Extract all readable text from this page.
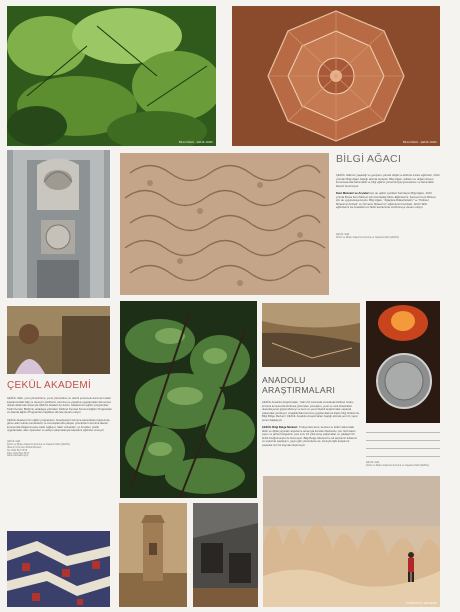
BİLGİ AĞACI · ÇEKÜL VAKFI	BİLGİ AĞACI · ÇEKÜL VAKFI
BİLGİ AĞACI

ÇEKÜL Vakfının yaşadığı ve gençlere yönelik doğal ve kültürel mirası eğitimleri, 2012 yılından Bilgi Ağacı başlığı altında toplandı. Bilgi Ağacı, kültürel ve doğal mirasın korunmasında farkındalık ve bilgi eğitimi yöntemleriyle güncelleme ve farkındalık ilkesini benimsiyor.

Kent Müzeleri ve Arşivleri için de eğitim içerikleri hazırlayan Bilgi Ağacı, 2010 yılında Bursa Kent Müzesi için hazırladığı Müze Eğitimlerini, Samsun Kent Müzesi için de uygulamaya koydu. Bilgi Ağacı, "Ağaçlara Dikkat Edelim" ve "Kültürel Mirasımız Ardışık" ve Ormanın Mirasımız" eğitimlerini hazırladı. Sözlü Tarih eğitimlerini ise Anadolu'nun farklı kentlerinde sürdürmeye devam ediyor.

ÇEKÜL Vakfı
Kültür ve Mirası Araştırma Koruma ve Yaşatma Vakfı (ÇEKÜL)

ÇEKÜL AKADEMİ

ÇEKÜL Vakfı, yerel yönetimlere, yerel yöneticilere ve teknik personele koruma modeli kapsamındaki bilgi ve deneyim birikimini, koruma ve yaşatma uygulamalarında somut olarak aktarmak amacıyla ÇEKÜL Akademi'yi kurdu. Akademinin eğitim programları; Tarihi Kentler Birliği ile ortaklaşa yürütülen Kültürel Kentsel Koruma Eğitim Programları ve Alanda Eğitim Programları başlıkları altında devam ediyor.

ÇEKÜL Akademi'nin eğitim programları, belediyelerin koruma alanındaki projelerinde görev alan teknik elemanların ve kuruluşlarında çalışan yöneticilerin koruma ilkeleri konusunda bilgilenmesine katkı sağlıyor. Vakıf uzmanları, iyi örnekler, pratik uygulamalar, alan ziyaretleri ve atölye çalışmalarıyla kapsamlı eğitimler sunuyor.

ÇEKÜL Vakfı
Kültür ve Mirası Araştırma Koruma ve Yaşatma Vakfı (ÇEKÜL)
Ülkenin Türk Ana Sözlük Müzeleri
Tel: 0212 513 73 53
Faks: 0212 512 35 67
www.cekulvakfi.org.tr

ANADOLU ARAŞTIRMALARI

ÇEKÜL Anadolu Araştırmaları, Yakın bir zamanda sunulacak kültürel mirası koruma konusunda birikmek yüzünden yönetişim; yerel ve sivil dinamikleri destekleyerek güçlendirmeyi ve kent ve yerel ölçekli araştırmalar yaparak çalışmalar yürütüyor. Anadolu'daki koruma uygulamalarına ilişkin bilgi birikimi ile, Bilgi Bölge Merkezi; ÇEKÜL Anadolu Araştırmaları başlığı altında yeni bir yayın süreci başlatıyor.

ÇEKÜL Bilgi Belge Merkezi; Türkiye'deki kent, kentsel ve kültür alanındaki farklı ve dijital yayınları arşivleme amacıyla kurulan Merkezde, her türlü basılı yayın ve görsel belgelerin yanı sıra, 15 yıllık proje çalışmaları ve yaklaşık 50 binlik fotoğraf arşivi de bulunuyor. Bilgi Belge Merkezi'ne ait arşivlerin kullanım ve toplumla paylaşımı, yayın gibi yöntemlerle de, konuyla ilgili araştırma yapanlar için bir kaynak oluşturuyor.

ÇEKÜL Vakfı
Kültür ve Mirası Araştırma Koruma ve Yaşatma Vakfı (ÇEKÜL)

KAPADOKYA / NEVŞEHİR
